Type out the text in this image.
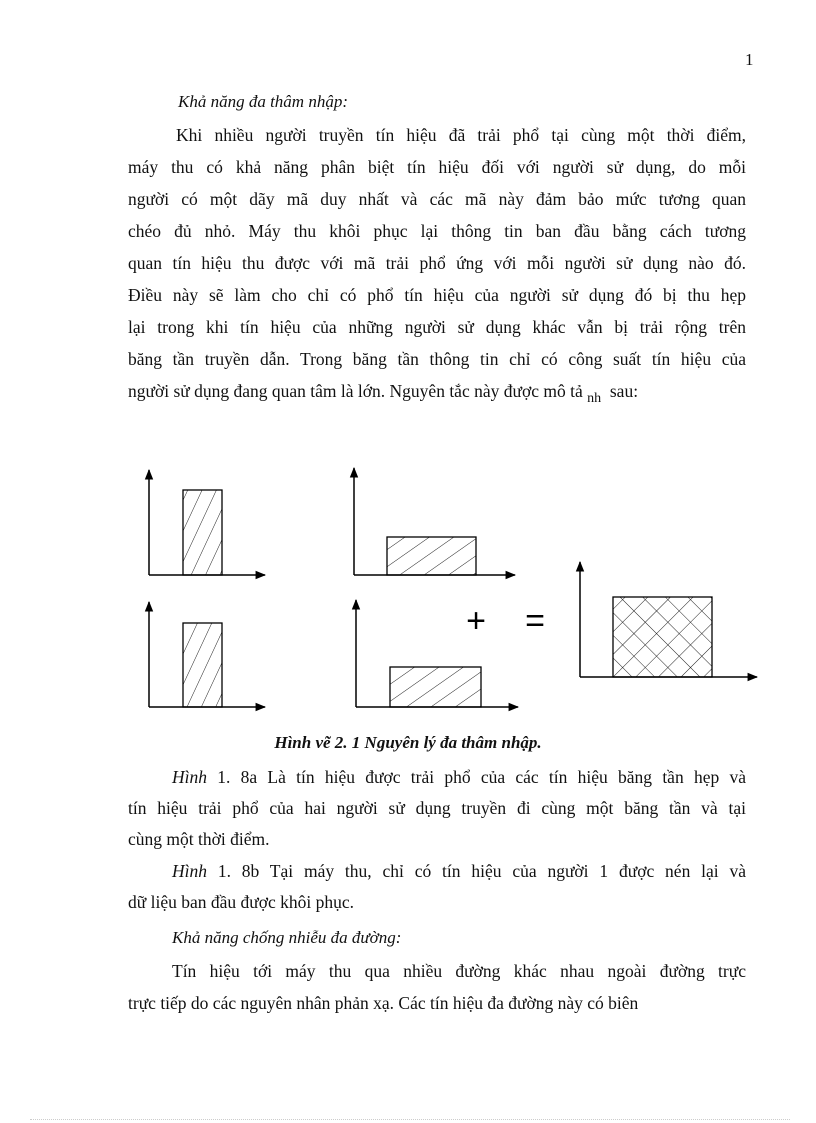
1
Khả năng đa thâm nhập:
Khi nhiều người truyền tín hiệu đã trải phổ tại cùng một thời điểm,
máy thu có khả năng phân biệt tín hiệu đối với người sử dụng, do mỗi
người có một dãy mã duy nhất và các mã này đảm bảo mức tương quan
chéo đủ nhỏ. Máy thu khôi phục lại thông tin ban đầu bằng cách tương
quan tín hiệu thu được với mã trải phổ ứng với mỗi người sử dụng nào đó.
Điều này sẽ làm cho chỉ có phổ tín hiệu của người sử dụng đó bị thu hẹp
lại trong khi tín hiệu của những người sử dụng khác vẫn bị trải rộng trên
băng tần truyền dẫn. Trong băng tần thông tin chỉ có công suất tín hiệu của
người sử dụng đang quan tâm là lớn. Nguyên tắc này được mô tả $_{nh}$  sau:
+ =
Hình vẽ 2. 1 Nguyên lý đa thâm nhập.
Hình 1. 8a Là tín hiệu được trải phổ của các tín hiệu băng tần hẹp và
tín hiệu trải phổ của hai người sử dụng truyền đi cùng một băng tần và tại
cùng một thời điểm.
Hình 1. 8b Tại máy thu, chỉ có tín hiệu của người 1 được nén lại và
dữ liệu ban đầu được khôi phục.
Khả năng chống nhiễu đa đường:
Tín hiệu tới máy thu qua nhiều đường khác nhau ngoài đường trực
trực tiếp do các nguyên nhân phản xạ. Các tín hiệu đa đường này có biên
